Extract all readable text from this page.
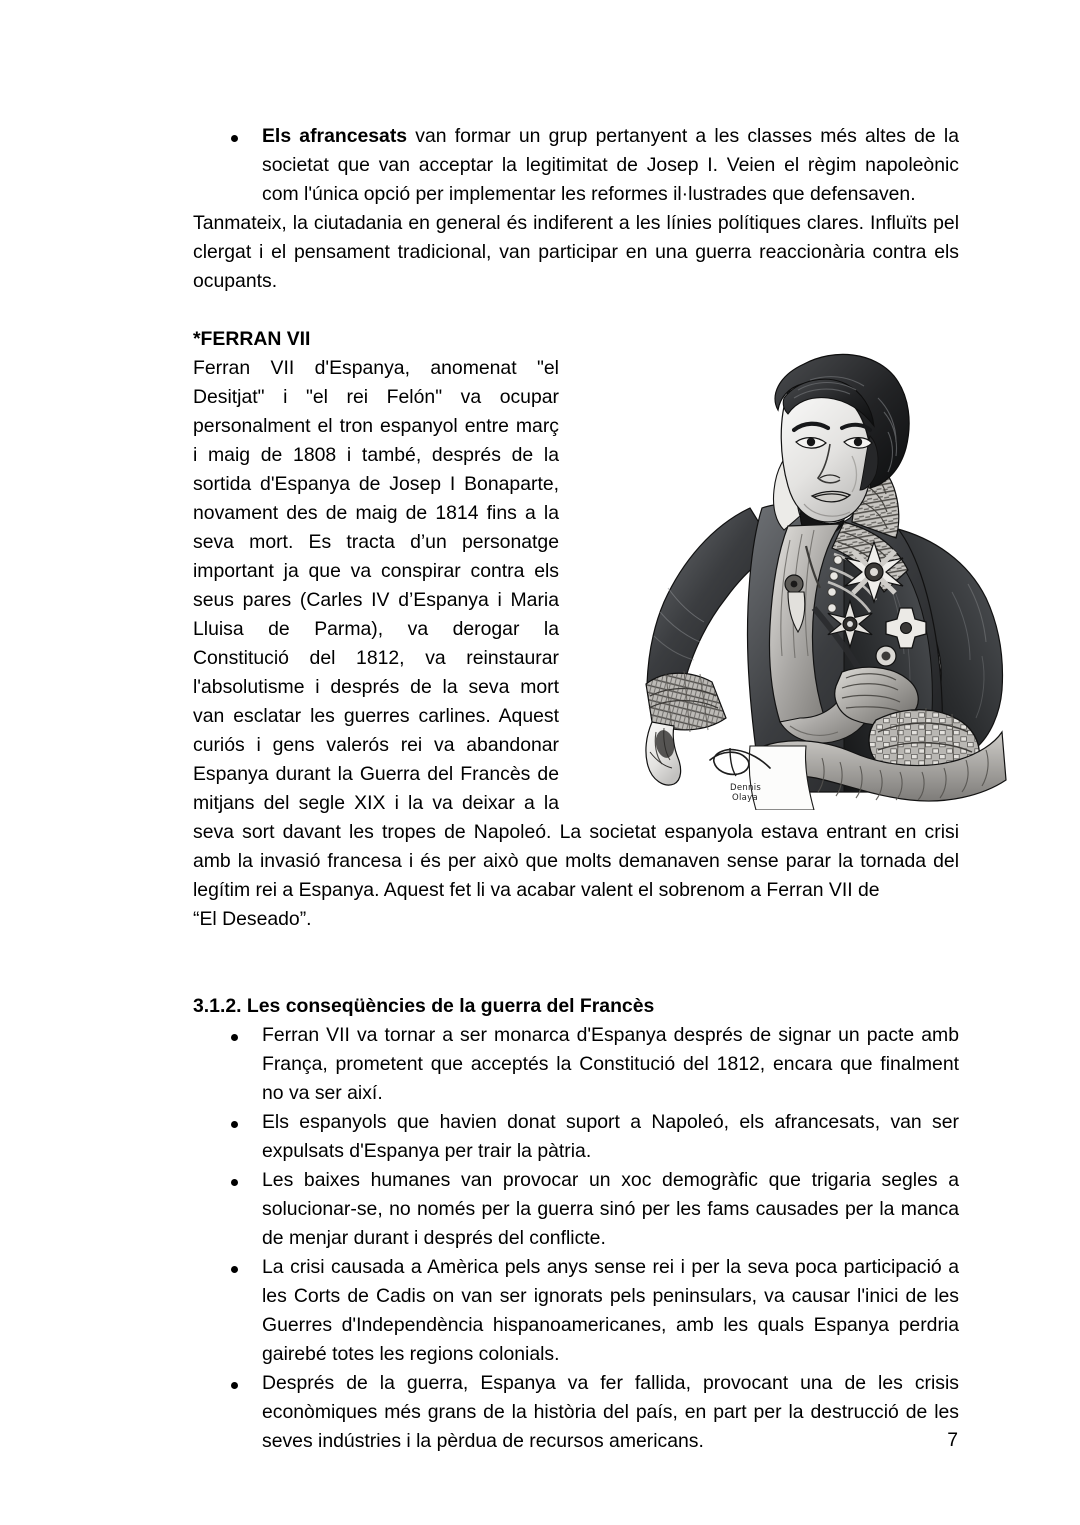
Els afrancesats van formar un grup pertanyent a les classes més altes de la societat que van acceptar la legitimitat de Josep I. Veien el règim napoleònic com l'única opció per implementar les reformes il·lustrades que defensaven.

Tanmateix, la ciutadania en general és indiferent a les línies polítiques clares. Influïts pel clergat i el pensament tradicional, van participar en una guerra reaccionària contra els ocupants.

*FERRAN VII
Ferran VII d'Espanya, anomenat "el Desitjat" i "el rei Felón" va ocupar personalment el tron espanyol entre març i maig de 1808 i també, després de la sortida d'Espanya de Josep I Bonaparte, novament des de maig de 1814 fins a la seva mort. Es tracta d’un personatge important ja que va conspirar contra els seus pares (Carles IV d’Espanya i Maria Lluisa de Parma), va derogar la Constitució del 1812, va reinstaurar l'absolutisme i després de la seva mort van esclatar les guerres carlines. Aquest curiós i gens valerós rei va abandonar Espanya durant la Guerra del Francès de mitjans del segle XIX i la va deixar a la seva sort davant les tropes de Napoleó. La societat espanyola estava entrant en crisi amb la invasió francesa i és per això que molts demanaven sense parar la tornada del legítim rei a Espanya. Aquest fet li va acabar valent el sobrenom a Ferran VII de
“El Deseado”.
3.1.2. Les conseqüències de la guerra del Francès
Ferran VII va tornar a ser monarca d'Espanya després de signar un pacte amb França, prometent que acceptés la Constitució del 1812, encara que finalment no va ser així.
Els espanyols que havien donat suport a Napoleó, els afrancesats, van ser expulsats d'Espanya per trair la pàtria.
Les baixes humanes van provocar un xoc demogràfic que trigaria segles a solucionar-se, no només per la guerra sinó per les fams causades per la manca de menjar durant i després del conflicte.
La crisi causada a Amèrica pels anys sense rei i per la seva poca participació a les Corts de Cadis on van ser ignorats pels peninsulars, va causar l'inici de les Guerres d'Independència hispanoamericanes, amb les quals Espanya perdria gairebé totes les regions colonials.
Després de la guerra, Espanya va fer fallida, provocant una de les crisis econòmiques més grans de la història del país, en part per la destrucció de les seves indústries i la pèrdua de recursos americans.
Dennis
Olaya
7
